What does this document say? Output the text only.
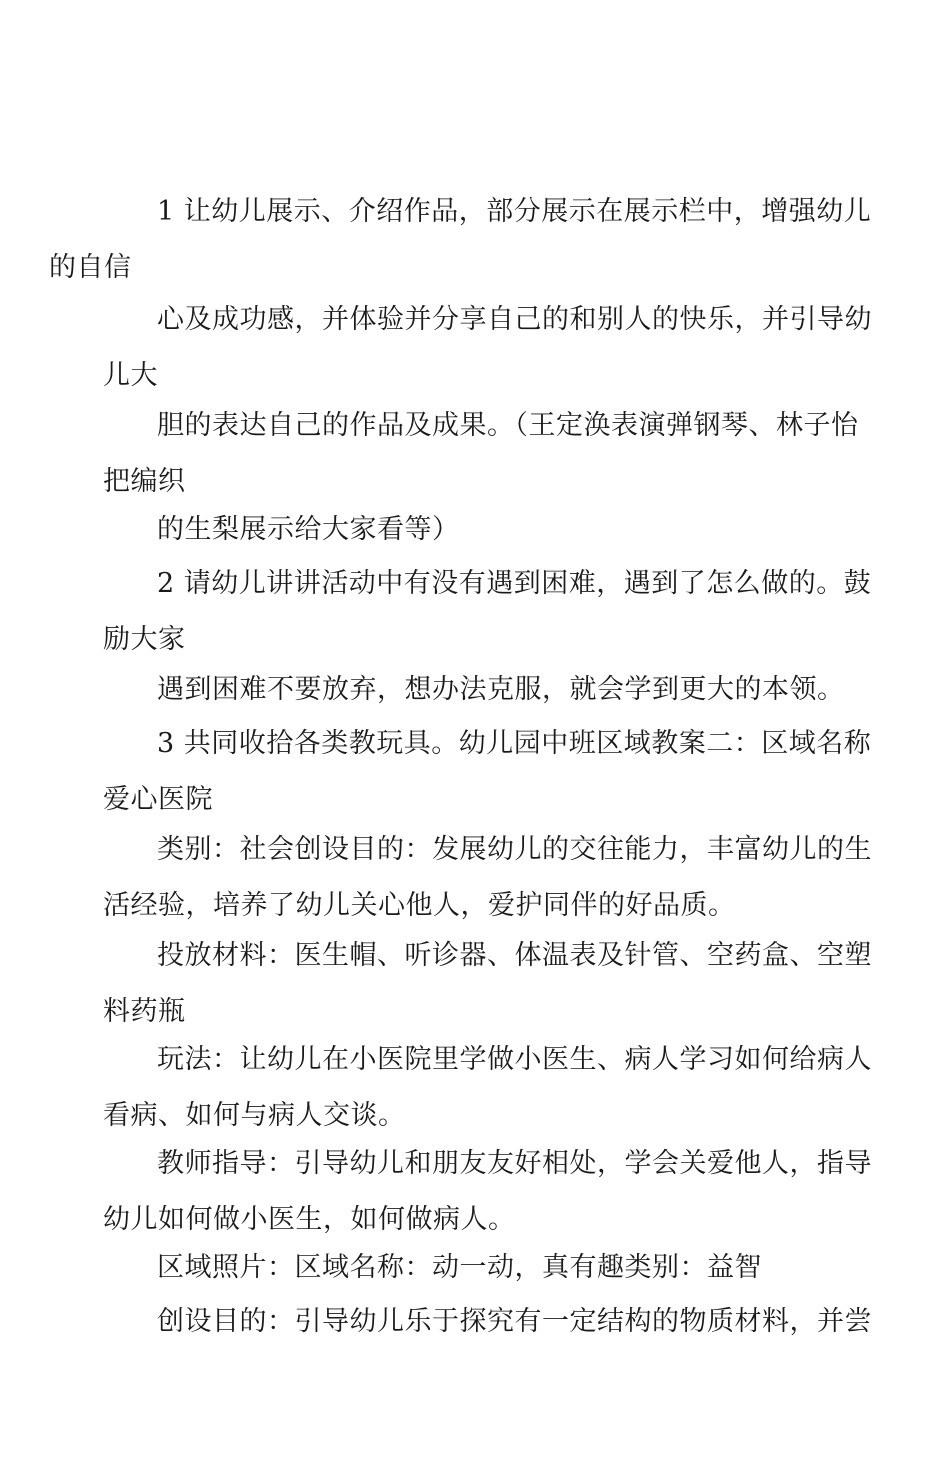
1 让幼儿展示、介绍作品，部分展示在展示栏中，增强幼儿
的自信

心及成功感，并体验并分享自己的和别人的快乐，并引导幼
儿大

胆的表达自己的作品及成果。（王定涣表演弹钢琴、林子怡
把编织

的生梨展示给大家看等）

2 请幼儿讲讲活动中有没有遇到困难，遇到了怎么做的。鼓
励大家

遇到困难不要放弃，想办法克服，就会学到更大的本领。

3 共同收拾各类教玩具。幼儿园中班区域教案二：区域名称
爱心医院

类别：社会创设目的：发展幼儿的交往能力，丰富幼儿的生
活经验，培养了幼儿关心他人，爱护同伴的好品质。

投放材料：医生帽、听诊器、体温表及针管、空药盒、空塑
料药瓶

玩法：让幼儿在小医院里学做小医生、病人学习如何给病人
看病、如何与病人交谈。

教师指导：引导幼儿和朋友友好相处，学会关爱他人，指导
幼儿如何做小医生，如何做病人。

区域照片：区域名称：动一动，真有趣类别：益智

创设目的：引导幼儿乐于探究有一定结构的物质材料，并尝
